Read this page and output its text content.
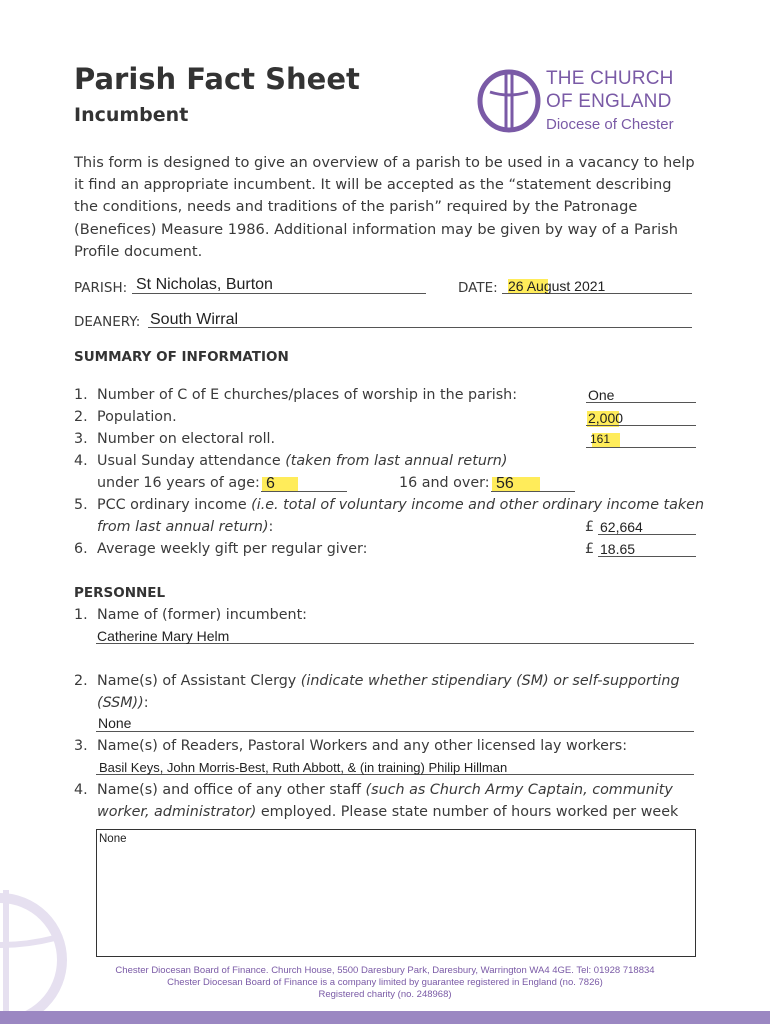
Parish Fact Sheet
Incumbent
THE CHURCH
OF ENGLAND
Diocese of Chester
This form is designed to give an overview of a parish to be used in a vacancy to help it find an appropriate incumbent. It will be accepted as the “statement describing the conditions, needs and traditions of the parish” required by the Patronage (Benefices) Measure 1986. Additional information may be given by way of a Parish Profile document.
PARISH: St Nicholas, Burton	DATE: 26 August 2021
DEANERY: South Wirral
SUMMARY OF INFORMATION
1. Number of C of E churches/places of worship in the parish:	One
2. Population.	2,000
3. Number on electoral roll.	161
4. Usual Sunday attendance (taken from last annual return)
under 16 years of age: 6	16 and over: 56
5. PCC ordinary income (i.e. total of voluntary income and other ordinary income taken
from last annual return):	£ 62,664
6. Average weekly gift per regular giver:	£ 18.65
PERSONNEL
1. Name of (former) incumbent:
Catherine Mary Helm
2. Name(s) of Assistant Clergy (indicate whether stipendiary (SM) or self-supporting
(SSM)):
None
3. Name(s) of Readers, Pastoral Workers and any other licensed lay workers:
Basil Keys, John Morris-Best, Ruth Abbott, & (in training) Philip Hillman
4. Name(s) and office of any other staff (such as Church Army Captain, community
worker, administrator) employed. Please state number of hours worked per week
None
Chester Diocesan Board of Finance. Church House, 5500 Daresbury Park, Daresbury, Warrington WA4 4GE. Tel: 01928 718834
Chester Diocesan Board of Finance is a company limited by guarantee registered in England (no. 7826)
Registered charity (no. 248968)
